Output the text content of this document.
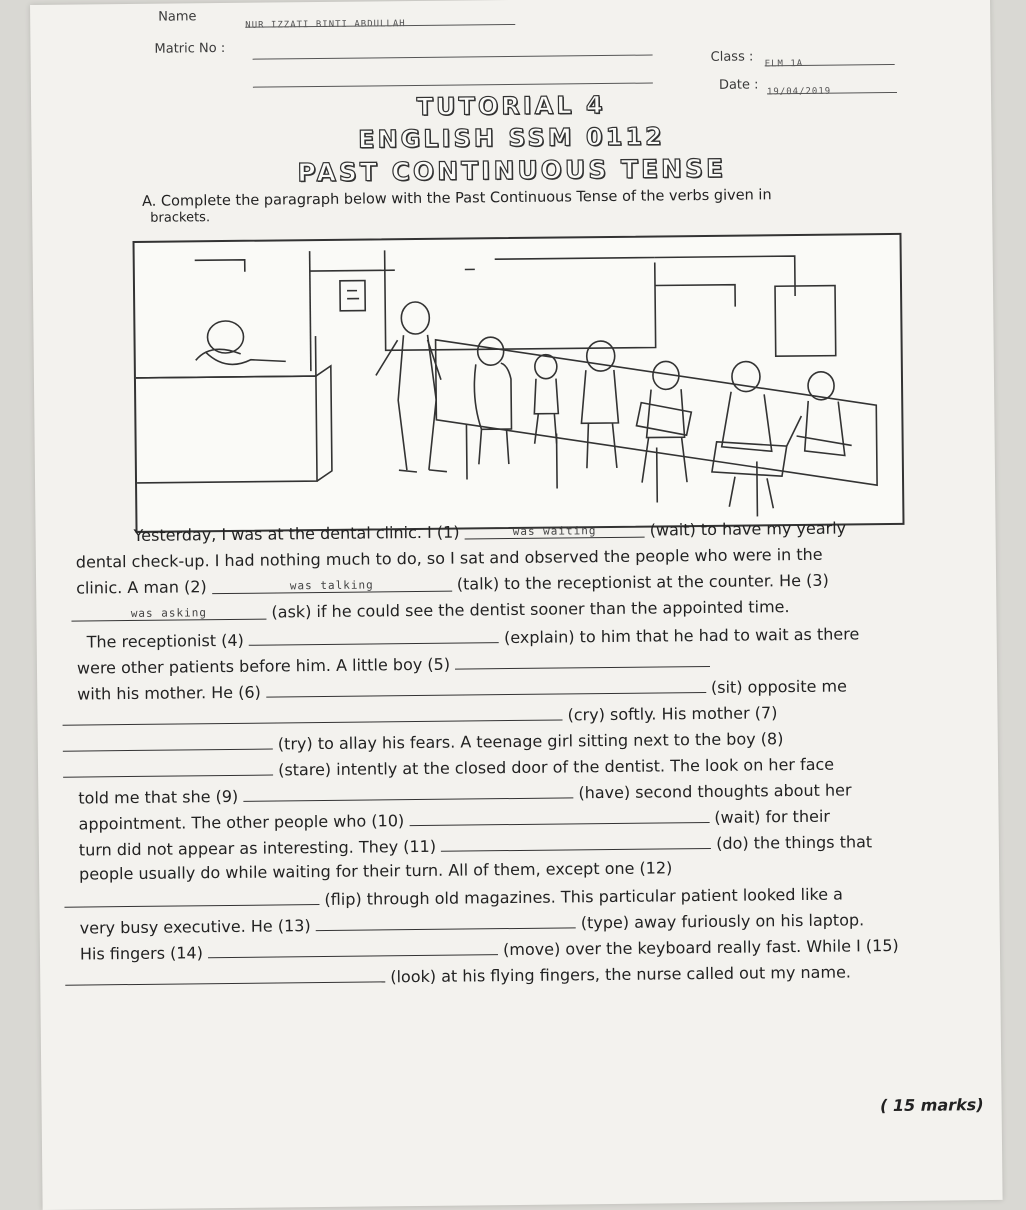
Name
NUR IZZATI BINTI ABDULLAH
Matric No :
Class : ELM 1A
Date : 19/04/2019
TUTORIAL 4
ENGLISH SSM 0112
PAST CONTINUOUS TENSE
A. Complete the paragraph below with the Past Continuous Tense of the verbs given in
brackets.
Yesterday, I was at the dental clinic. I (1)	was waiting	(wait) to have my yearly
dental check-up. I had nothing much to do, so I sat and observed the people who were in the
clinic. A man (2)	was talking	(talk) to the receptionist at the counter. He (3)
was asking	(ask) if he could see the dentist sooner than the appointed time.
The receptionist (4)	(explain) to him that he had to wait as there
were other patients before him. A little boy (5)
with his mother. He (6)	(sit) opposite me
(cry) softly. His mother (7)
(try) to allay his fears. A teenage girl sitting next to the boy (8)
(stare) intently at the closed door of the dentist. The look on her face
told me that she (9)	(have) second thoughts about her
appointment. The other people who (10)	(wait) for their
turn did not appear as interesting. They (11)	(do) the things that
people usually do while waiting for their turn. All of them, except one (12)
(flip) through old magazines. This particular patient looked like a
very busy executive. He (13)	(type) away furiously on his laptop.
His fingers (14)	(move) over the keyboard really fast. While I (15)
(look) at his flying fingers, the nurse called out my name.
( 15 marks)
